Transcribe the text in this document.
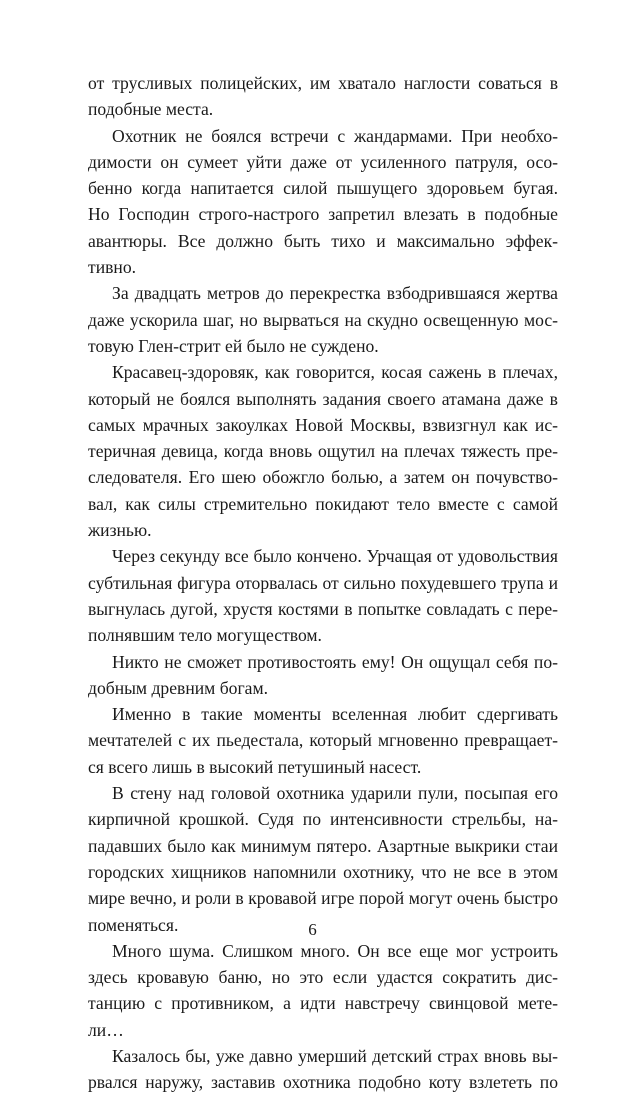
от трусливых полицейских, им хватало наглости соваться в
подобные места.
Охотник не боялся встречи с жандармами. При необхо-
димости он сумеет уйти даже от усиленного патруля, осо-
бенно когда напитается силой пышущего здоровьем бугая.
Но Господин строго-настрого запретил влезать в подобные
авантюры. Все должно быть тихо и максимально эффек-
тивно.
За двадцать метров до перекрестка взбодрившаяся жертва
даже ускорила шаг, но вырваться на скудно освещенную мос-
товую Глен-стрит ей было не суждено.
Красавец-здоровяк, как говорится, косая сажень в плечах,
который не боялся выполнять задания своего атамана даже в
самых мрачных закоулках Новой Москвы, взвизгнул как ис-
теричная девица, когда вновь ощутил на плечах тяжесть пре-
следователя. Его шею обожгло болью, а затем он почувство-
вал, как силы стремительно покидают тело вместе с самой
жизнью.
Через секунду все было кончено. Урчащая от удовольствия
субтильная фигура оторвалась от сильно похудевшего трупа и
выгнулась дугой, хрустя костями в попытке совладать с пере-
полнявшим тело могуществом.
Никто не сможет противостоять ему! Он ощущал себя по-
добным древним богам.
Именно в такие моменты вселенная любит сдергивать
мечтателей с их пьедестала, который мгновенно превращает-
ся всего лишь в высокий петушиный насест.
В стену над головой охотника ударили пули, посыпая его
кирпичной крошкой. Судя по интенсивности стрельбы, на-
падавших было как минимум пятеро. Азартные выкрики стаи
городских хищников напомнили охотнику, что не все в этом
мире вечно, и роли в кровавой игре порой могут очень быстро
поменяться.
Много шума. Слишком много. Он все еще мог устроить
здесь кровавую баню, но это если удастся сократить дис-
танцию с противником, а идти навстречу свинцовой мете-
ли…
Казалось бы, уже давно умерший детский страх вновь вы-
рвался наружу, заставив охотника подобно коту взлететь по
6
